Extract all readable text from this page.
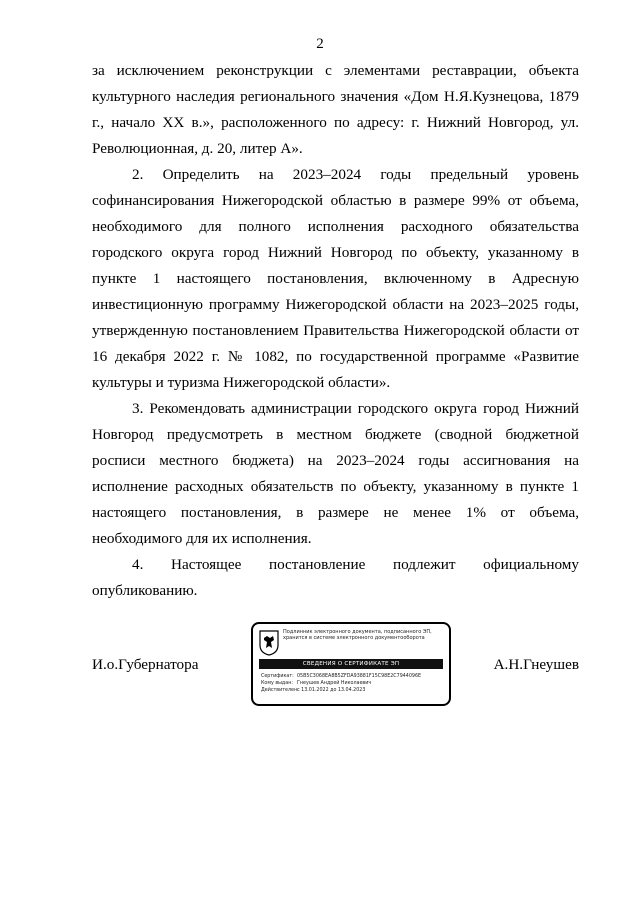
2

за исключением реконструкции с элементами реставрации, объекта культурного наследия регионального значения «Дом Н.Я.Кузнецова, 1879 г., начало XX в.», расположенного по адресу: г. Нижний Новгород, ул. Революционная, д. 20, литер А».

2. Определить на 2023–2024 годы предельный уровень софинансирования Нижегородской областью в размере 99% от объема, необходимого для полного исполнения расходного обязательства городского округа город Нижний Новгород по объекту, указанному в пункте 1 настоящего постановления, включенному в Адресную инвестиционную программу Нижегородской области на 2023–2025 годы, утвержденную постановлением Правительства Нижегородской области от 16 декабря 2022 г. № 1082, по государственной программе «Развитие культуры и туризма Нижегородской области».

3. Рекомендовать администрации городского округа город Нижний Новгород предусмотреть в местном бюджете (сводной бюджетной росписи местного бюджета) на 2023–2024 годы ассигнования на исполнение расходных обязательств по объекту, указанному в пункте 1 настоящего постановления, в размере не менее 1% от объема, необходимого для их исполнения.

4. Настоящее постановление подлежит официальному опубликованию.

И.о.Губернатора
Подлинник электронного документа, подписанного ЭП, хранится в системе электронного документооборота
СВЕДЕНИЯ О СЕРТИФИКАТЕ ЭП
Сертификат: 05B5C3068EA8B5ZFDA93881F15C98E2C7944096E
Кому выдан: Гнеушев Андрей Николаевич
Действителен:с 13.01.2022 до 13.04.2023
А.Н.Гнеушев
